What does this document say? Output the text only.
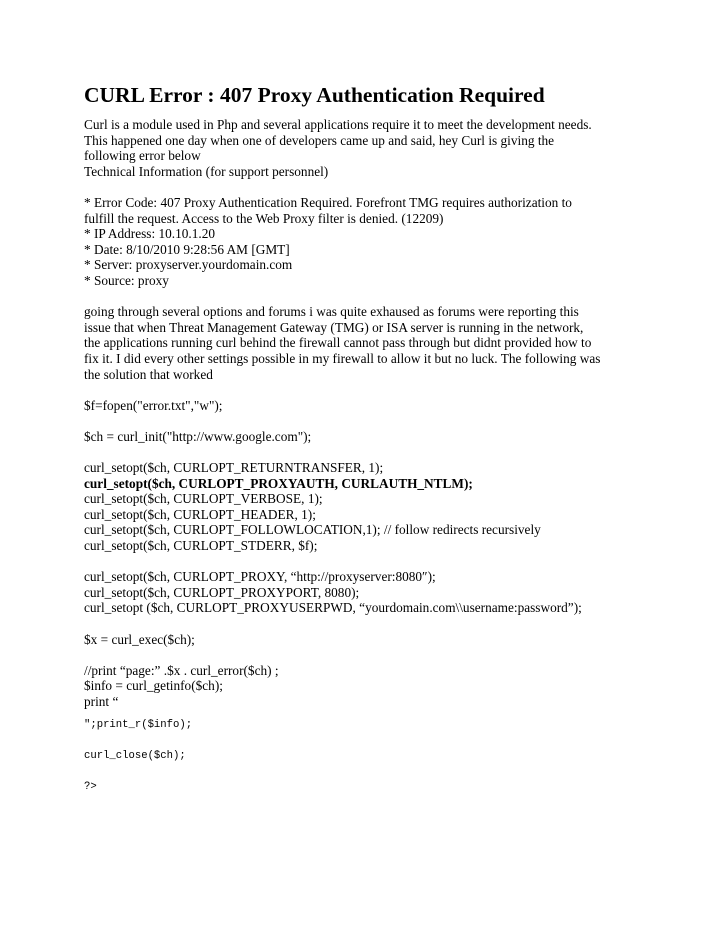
CURL Error : 407 Proxy Authentication Required
Curl is a module used in Php and several applications require it to meet the development needs.
This happened one day when one of developers came up and said, hey Curl is giving the
following error below
Technical Information (for support personnel)
* Error Code: 407 Proxy Authentication Required. Forefront TMG requires authorization to
fulfill the request. Access to the Web Proxy filter is denied. (12209)
* IP Address: 10.10.1.20
* Date: 8/10/2010 9:28:56 AM [GMT]
* Server: proxyserver.yourdomain.com
* Source: proxy
going through several options and forums i was quite exhaused as forums were reporting this
issue that when Threat Management Gateway (TMG) or ISA server is running in the network,
the applications running curl behind the firewall cannot pass through but didnt provided how to
fix it. I did every other settings possible in my firewall to allow it but no luck. The following was
the solution that worked
$f=fopen("error.txt","w");
$ch = curl_init("http://www.google.com");
curl_setopt($ch, CURLOPT_RETURNTRANSFER, 1);
curl_setopt($ch, CURLOPT_PROXYAUTH, CURLAUTH_NTLM);
curl_setopt($ch, CURLOPT_VERBOSE, 1);
curl_setopt($ch, CURLOPT_HEADER, 1);
curl_setopt($ch, CURLOPT_FOLLOWLOCATION,1); // follow redirects recursively
curl_setopt($ch, CURLOPT_STDERR, $f);
curl_setopt($ch, CURLOPT_PROXY, “http://proxyserver:8080″);
curl_setopt($ch, CURLOPT_PROXYPORT, 8080);
curl_setopt ($ch, CURLOPT_PROXYUSERPWD, “yourdomain.com\\username:password”);
$x = curl_exec($ch);
//print “page:” .$x . curl_error($ch) ;
$info = curl_getinfo($ch);
print “
";print_r($info);
curl_close($ch);
?>
